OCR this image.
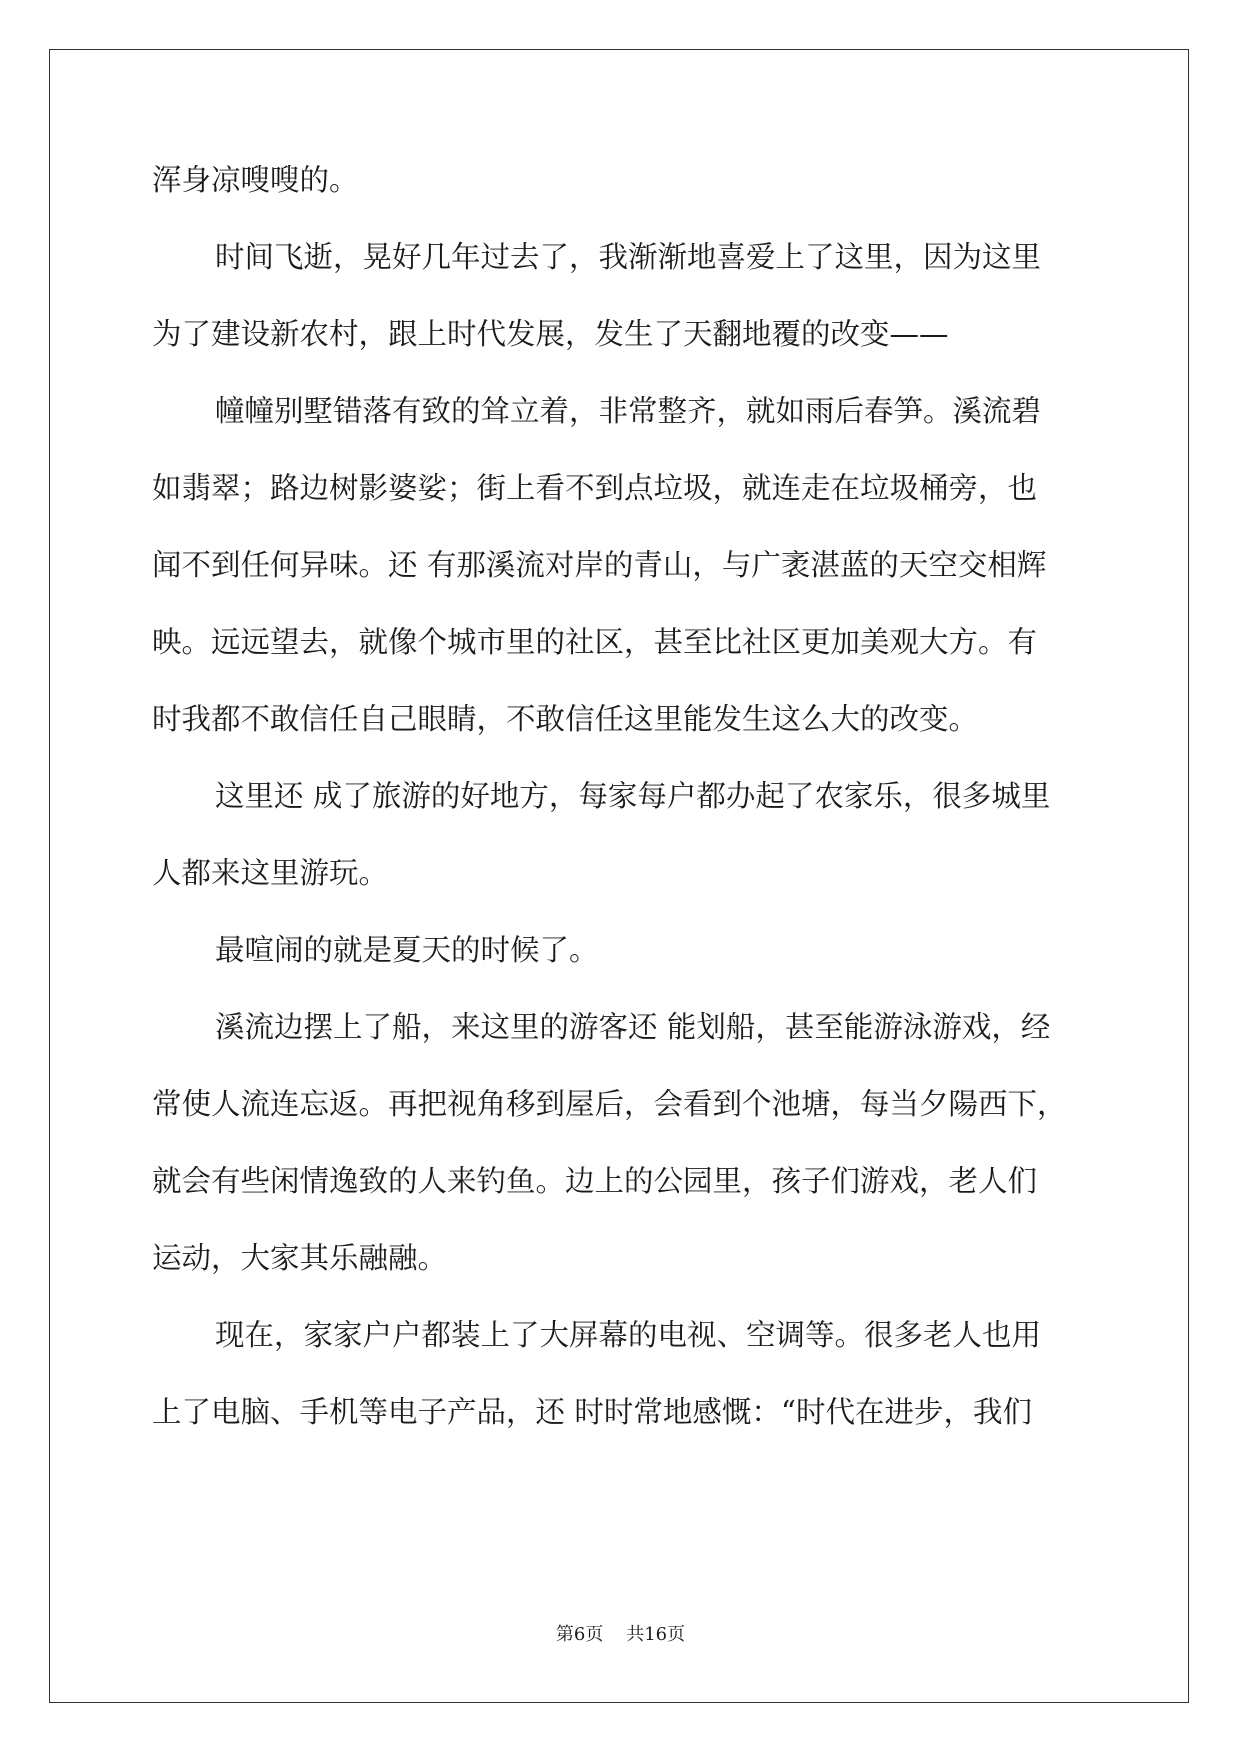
浑身凉嗖嗖的。
时间飞逝，晃好几年过去了，我渐渐地喜爱上了这里，因为这里
为了建设新农村，跟上时代发展，发生了天翻地覆的改变——
幢幢别墅错落有致的耸立着，非常整齐，就如雨后春笋。溪流碧
如翡翠；路边树影婆娑；街上看不到点垃圾，就连走在垃圾桶旁，也
闻不到任何异味。还 有那溪流对岸的青山，与广袤湛蓝的天空交相辉
映。远远望去，就像个城市里的社区，甚至比社区更加美观大方。有
时我都不敢信任自己眼睛，不敢信任这里能发生这么大的改变。
这里还 成了旅游的好地方，每家每户都办起了农家乐，很多城里
人都来这里游玩。
最喧闹的就是夏天的时候了。
溪流边摆上了船，来这里的游客还 能划船，甚至能游泳游戏，经
常使人流连忘返。再把视角移到屋后，会看到个池塘，每当夕陽西下，
就会有些闲情逸致的人来钓鱼。边上的公园里，孩子们游戏，老人们
运动，大家其乐融融。
现在，家家户户都装上了大屏幕的电视、空调等。很多老人也用
上了电脑、手机等电子产品，还 时时常地感慨：“时代在进步，我们
第6页 共16页
